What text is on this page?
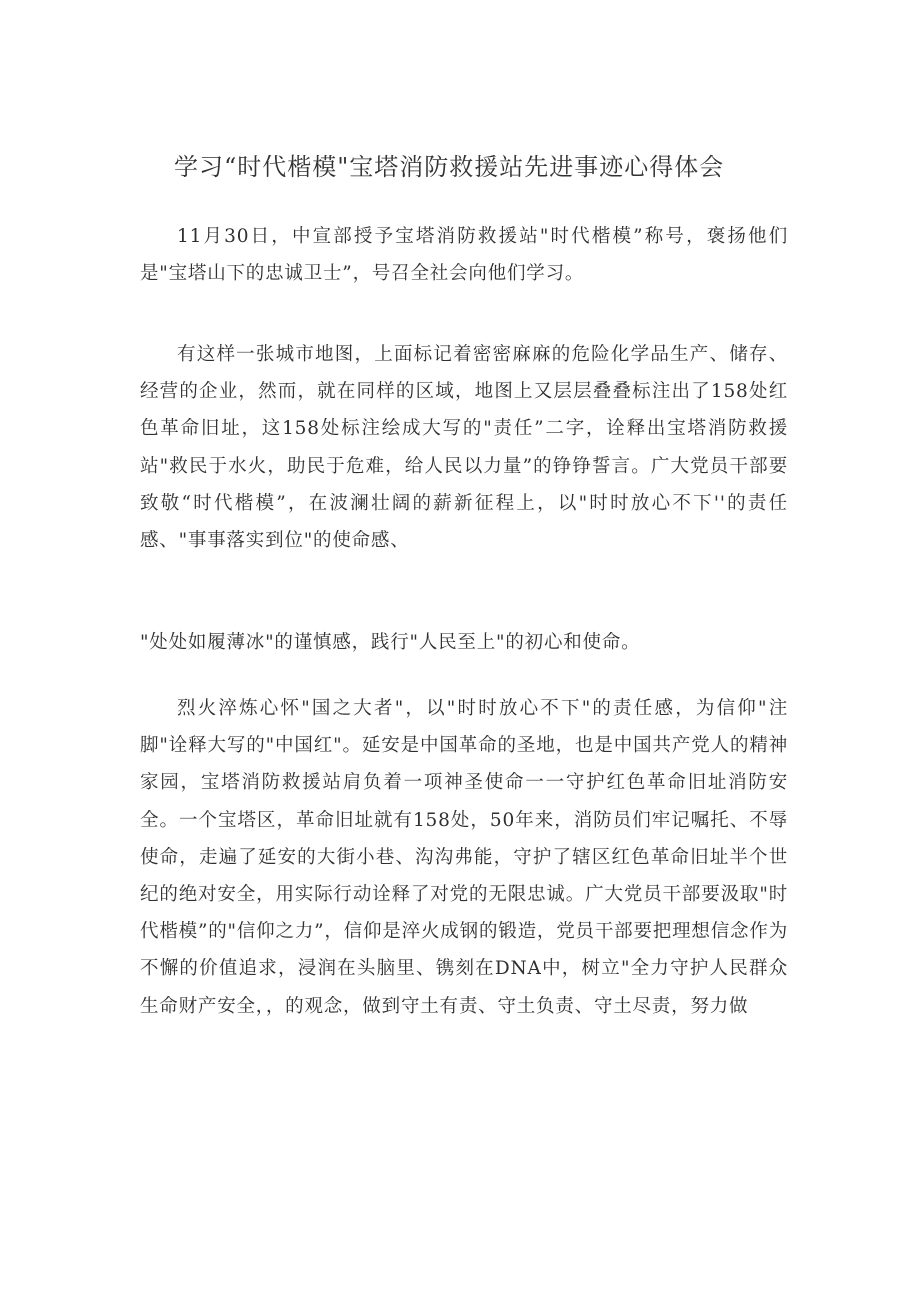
学习“时代楷模"宝塔消防救援站先进事迹心得体会

11月30日，中宣部授予宝塔消防救援站"时代楷模”称号，褒扬他们是"宝塔山下的忠诚卫士”，号召全社会向他们学习。

有这样一张城市地图，上面标记着密密麻麻的危险化学品生产、储存、经营的企业，然而，就在同样的区域，地图上又层层叠叠标注出了158处红色革命旧址，这158处标注绘成大写的"责任”二字，诠释出宝塔消防救援站"救民于水火，助民于危难，给人民以力量”的铮铮誓言。广大党员干部要致敬“时代楷模”，在波澜壮阔的薪新征程上，以"时时放心不下''的责任感、"事事落实到位"的使命感、

"处处如履薄冰"的谨慎感，践行"人民至上"的初心和使命。

烈火淬炼心怀"国之大者"，以"时时放心不下"的责任感，为信仰"注脚"诠释大写的"中国红"。延安是中国革命的圣地，也是中国共产党人的精神家园，宝塔消防救援站肩负着一项神圣使命一一守护红色革命旧址消防安全。一个宝塔区，革命旧址就有158处，50年来，消防员们牢记嘱托、不辱使命，走遍了延安的大街小巷、沟沟弗能，守护了辖区红色革命旧址半个世纪的绝对安全，用实际行动诠释了对党的无限忠诚。广大党员干部要汲取"时代楷模”的"信仰之力”，信仰是淬火成钢的锻造，党员干部要把理想信念作为不懈的价值追求，浸润在头脑里、镌刻在DNA中，树立"全力守护人民群众生命财产安全，，的观念，做到守土有责、守土负责、守土尽责，努力做
